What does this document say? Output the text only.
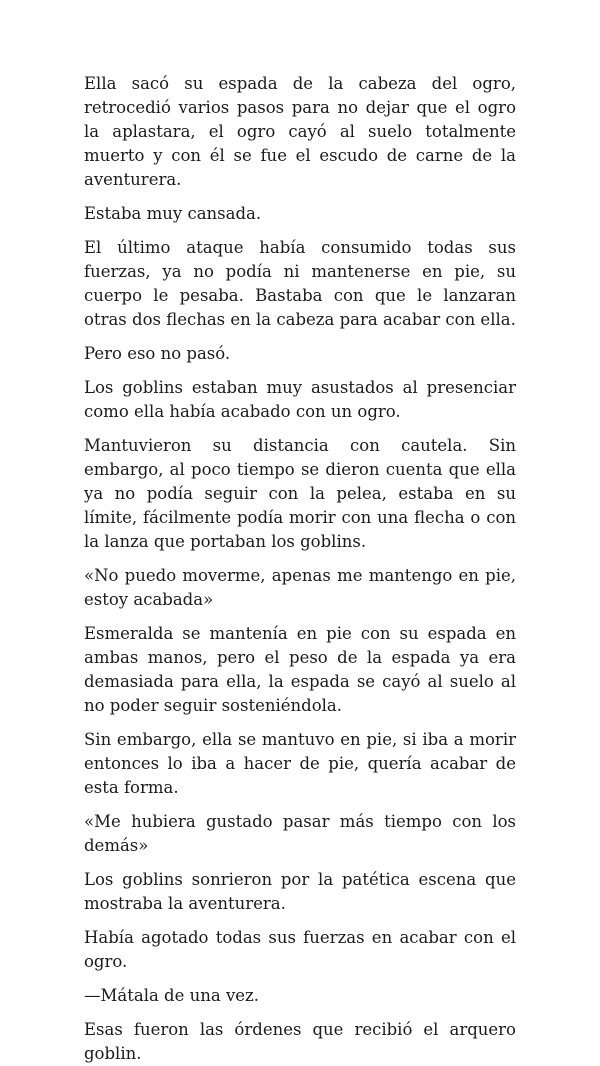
Ella sacó su espada de la cabeza del ogro, retrocedió varios pasos para no dejar que el ogro la aplastara, el ogro cayó al suelo totalmente muerto y con él se fue el escudo de carne de la aventurera.

Estaba muy cansada.

El último ataque había consumido todas sus fuerzas, ya no podía ni mantenerse en pie, su cuerpo le pesaba. Bastaba con que le lanzaran otras dos flechas en la cabeza para acabar con ella.

Pero eso no pasó.

Los goblins estaban muy asustados al presenciar como ella había acabado con un ogro.

Mantuvieron su distancia con cautela. Sin embargo, al poco tiempo se dieron cuenta que ella ya no podía seguir con la pelea, estaba en su límite, fácilmente podía morir con una flecha o con la lanza que portaban los goblins.

«No puedo moverme, apenas me mantengo en pie, estoy acabada»

Esmeralda se mantenía en pie con su espada en ambas manos, pero el peso de la espada ya era demasiada para ella, la espada se cayó al suelo al no poder seguir sosteniéndola.

Sin embargo, ella se mantuvo en pie, si iba a morir entonces lo iba a hacer de pie, quería acabar de esta forma.

«Me hubiera gustado pasar más tiempo con los demás»

Los goblins sonrieron por la patética escena que mostraba la aventurera.

Había agotado todas sus fuerzas en acabar con el ogro.

—Mátala de una vez.

Esas fueron las órdenes que recibió el arquero goblin.
